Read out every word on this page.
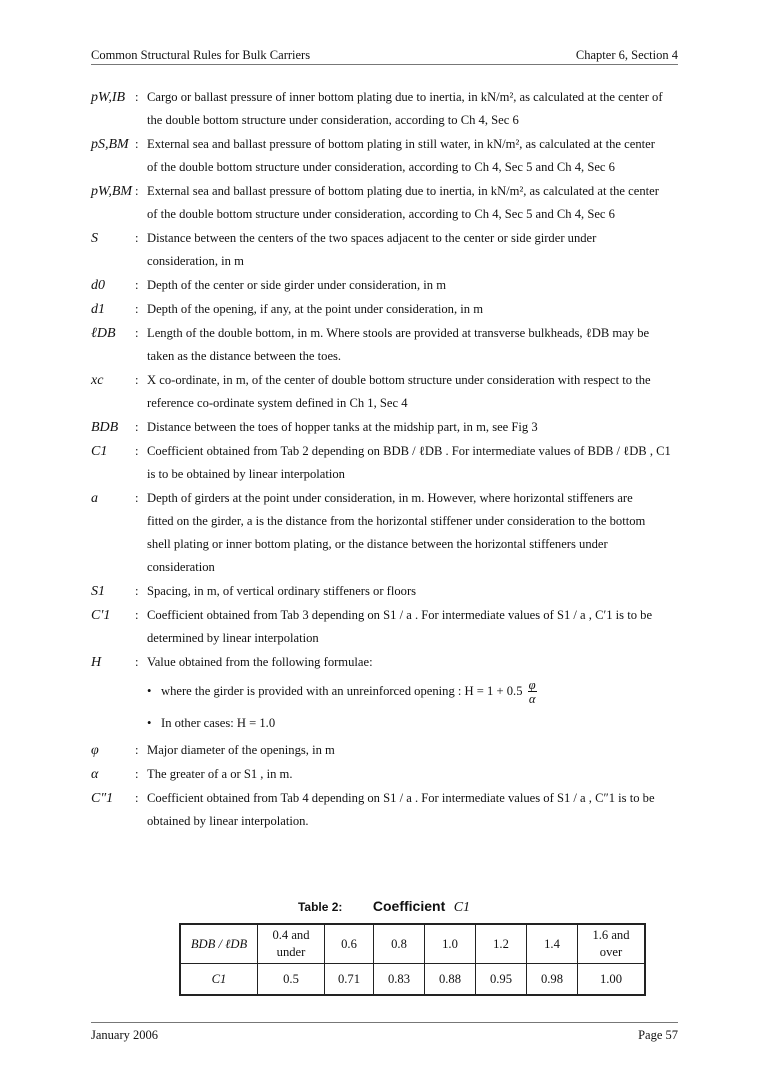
Common Structural Rules for Bulk Carriers	Chapter 6, Section 4
pW,IB : Cargo or ballast pressure of inner bottom plating due to inertia, in kN/m², as calculated at the center of
the double bottom structure under consideration, according to Ch 4, Sec 6
pS,BM : External sea and ballast pressure of bottom plating in still water, in kN/m², as calculated at the center
of the double bottom structure under consideration, according to Ch 4, Sec 5 and Ch 4, Sec 6
pW,BM : External sea and ballast pressure of bottom plating due to inertia, in kN/m², as calculated at the center
of the double bottom structure under consideration, according to Ch 4, Sec 5 and Ch 4, Sec 6
S	: Distance between the centers of the two spaces adjacent to the center or side girder under
consideration, in m
d0	: Depth of the center or side girder under consideration, in m
d1	: Depth of the opening, if any, at the point under consideration, in m
ℓDB	: Length of the double bottom, in m. Where stools are provided at transverse bulkheads, ℓDB may be
taken as the distance between the toes.
xc	: X co-ordinate, in m, of the center of double bottom structure under consideration with respect to the
reference co-ordinate system defined in Ch 1, Sec 4
BDB	: Distance between the toes of hopper tanks at the midship part, in m, see Fig 3
C1	: Coefficient obtained from Tab 2 depending on BDB / ℓDB . For intermediate values of BDB / ℓDB , C1
is to be obtained by linear interpolation
a	: Depth of girders at the point under consideration, in m. However, where horizontal stiffeners are
fitted on the girder, a is the distance from the horizontal stiffener under consideration to the bottom
shell plating or inner bottom plating, or the distance between the horizontal stiffeners under
consideration
S1	: Spacing, in m, of vertical ordinary stiffeners or floors
C′1	: Coefficient obtained from Tab 3 depending on S1 / a . For intermediate values of S1 / a , C′1 is to be
determined by linear interpolation
H	: Value obtained from the following formulae:
• where the girder is provided with an unreinforced opening : $H = 1 + 0.5 \frac{\varphi}{\alpha}$
• In other cases: H = 1.0
φ	: Major diameter of the openings, in m
α	: The greater of a or S1 , in m.
C″1	: Coefficient obtained from Tab 4 depending on S1 / a . For intermediate values of S1 / a , C″1 is to be
obtained by linear interpolation.
Table 2: Coefficient C1
BDB / ℓDB	0.4 and under	0.6	0.8	1.0	1.2	1.4	1.6 and over
C1	0.5	0.71	0.83	0.88	0.95	0.98	1.00
January 2006	Page 57
